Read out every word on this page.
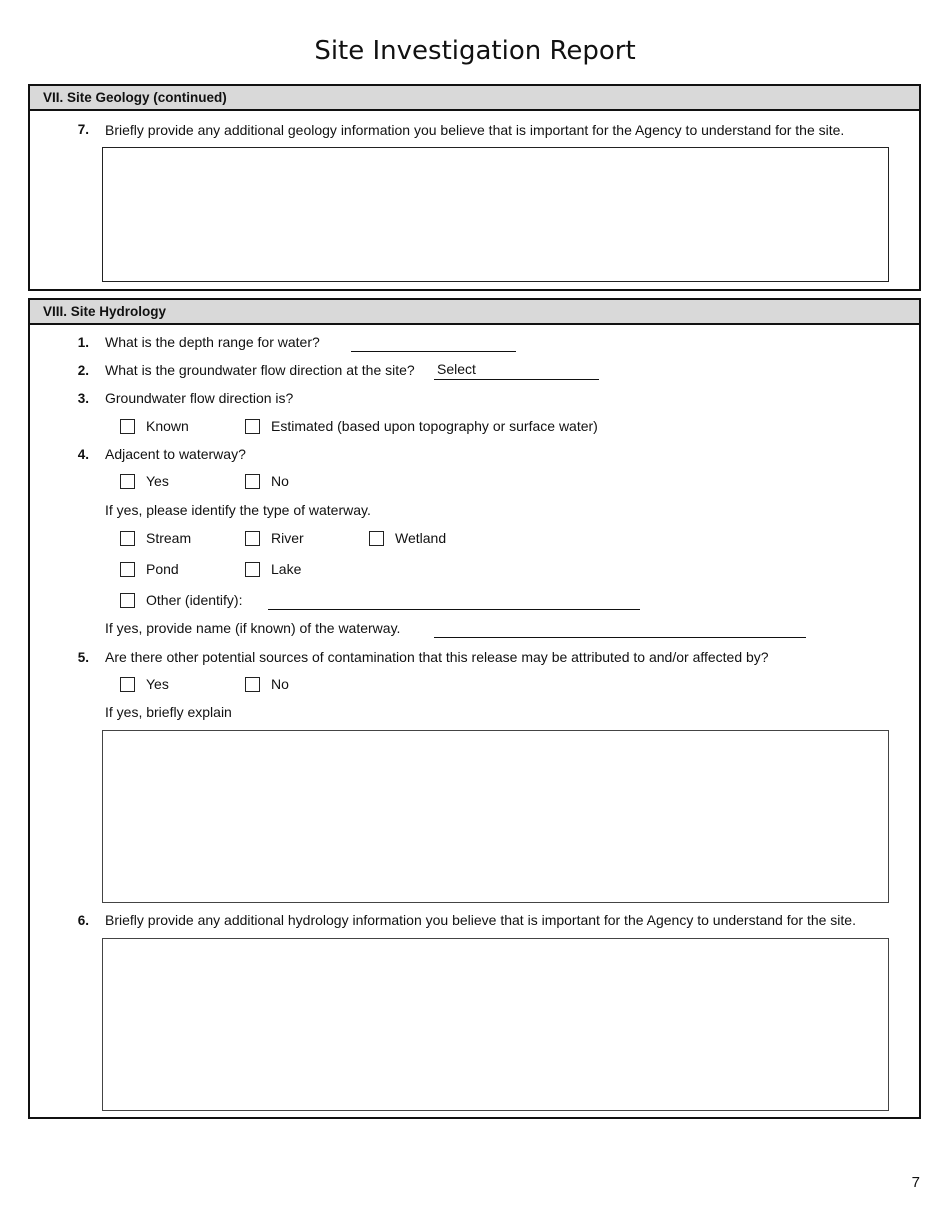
Site Investigation Report
VII. Site Geology (continued)
7. Briefly provide any additional geology information you believe that is important for the Agency to understand for the site.
VIII. Site Hydrology
1. What is the depth range for water?
2. What is the groundwater flow direction at the site? Select
3. Groundwater flow direction is?
Known	Estimated (based upon topography or surface water)
4. Adjacent to waterway?
Yes	No
If yes, please identify the type of waterway.
Stream	River	Wetland
Pond	Lake
Other (identify):
If yes, provide name (if known) of the waterway.
5. Are there other potential sources of contamination that this release may be attributed to and/or affected by?
Yes	No
If yes, briefly explain
6. Briefly provide any additional hydrology information you believe that is important for the Agency to understand for the site.
7
